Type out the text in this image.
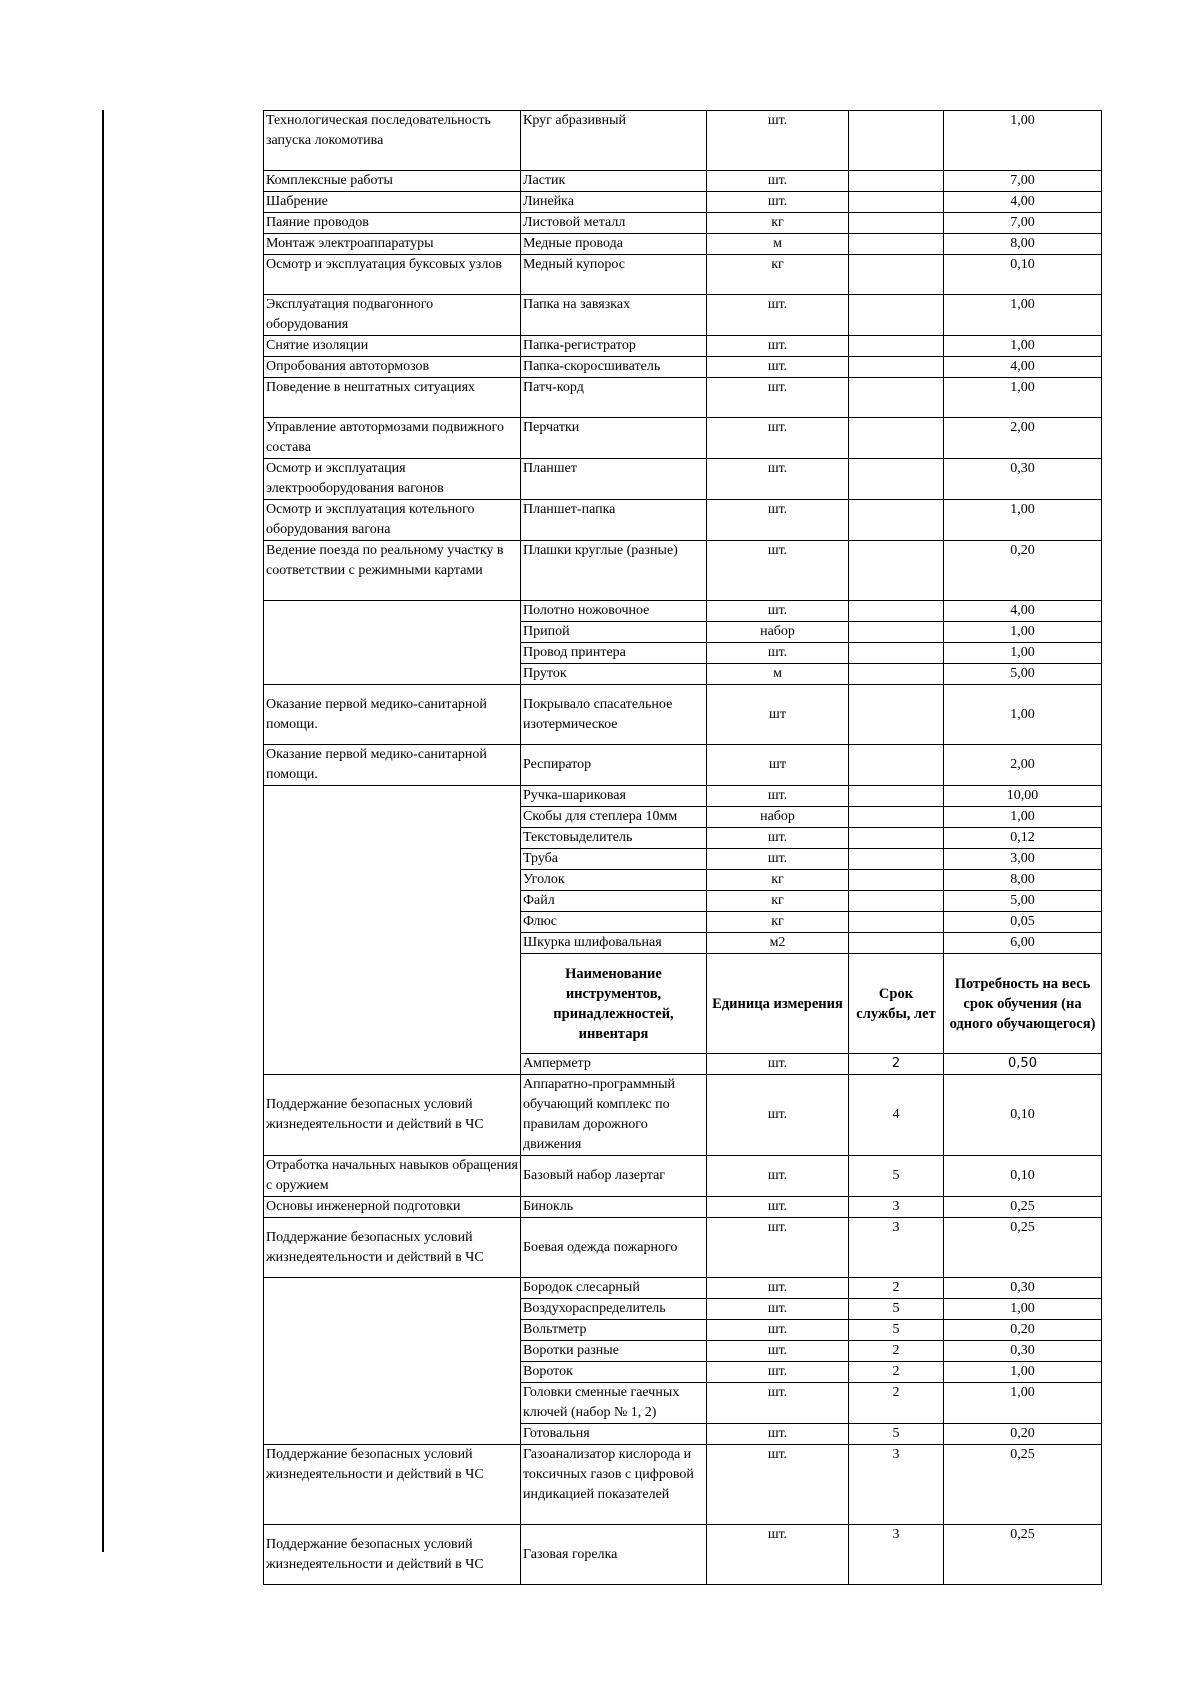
Технологическая последовательность запуска локомотива	Круг абразивный	шт.		1,00
Комплексные работы	Ластик	шт.		7,00
Шабрение	Линейка	шт.		4,00
Паяние проводов	Листовой металл	кг		7,00
Монтаж электроаппаратуры	Медные провода	м		8,00
Осмотр и эксплуатация буксовых узлов	Медный купорос	кг		0,10
Эксплуатация подвагонного оборудования	Папка на завязках	шт.		1,00
Снятие изоляции	Папка-регистратор	шт.		1,00
Опробования автотормозов	Папка-скоросшиватель	шт.		4,00
Поведение в нештатных ситуациях	Патч-корд	шт.		1,00
Управление автотормозами подвижного состава	Перчатки	шт.		2,00
Осмотр и эксплуатация электрооборудования вагонов	Планшет	шт.		0,30
Осмотр и эксплуатация котельного оборудования вагона	Планшет-папка	шт.		1,00
Ведение поезда по реальному участку в соответствии с режимными картами	Плашки круглые (разные)	шт.		0,20
	Полотно ножовочное	шт.		4,00
	Припой	набор		1,00
	Провод принтера	шт.		1,00
	Пруток	м		5,00
Оказание первой медико-санитарной помощи.	Покрывало спасательное изотермическое	шт		1,00
Оказание первой медико-санитарной помощи.	Респиратор	шт		2,00
	Ручка-шариковая	шт.		10,00
	Скобы для степлера 10мм	набор		1,00
	Текстовыделитель	шт.		0,12
	Труба	шт.		3,00
	Уголок	кг		8,00
	Файл	кг		5,00
	Флюс	кг		0,05
	Шкурка шлифовальная	м2		6,00
	Наименование инструментов, принадлежностей, инвентаря	Единица измерения	Срок службы, лет	Потребность на весь срок обучения (на одного обучающегося)
	Амперметр	шт.	2	0,50
Поддержание безопасных условий жизнедеятельности и действий в ЧС	Аппаратно-программный обучающий комплекс по правилам дорожного движения	шт.	4	0,10
Отработка начальных навыков обращения с оружием	Базовый набор лазертаг	шт.	5	0,10
Основы инженерной подготовки	Бинокль	шт.	3	0,25
Поддержание безопасных условий жизнедеятельности и действий в ЧС	Боевая одежда пожарного	шт.	3	0,25
	Бородок слесарный	шт.	2	0,30
	Воздухораспределитель	шт.	5	1,00
	Вольтметр	шт.	5	0,20
	Воротки разные	шт.	2	0,30
	Вороток	шт.	2	1,00
	Головки сменные гаечных ключей (набор № 1, 2)	шт.	2	1,00
	Готовальня	шт.	5	0,20
Поддержание безопасных условий жизнедеятельности и действий в ЧС	Газоанализатор кислорода и токсичных газов с цифровой индикацией показателей	шт.	3	0,25
Поддержание безопасных условий жизнедеятельности и действий в ЧС	Газовая горелка	шт.	3	0,25
